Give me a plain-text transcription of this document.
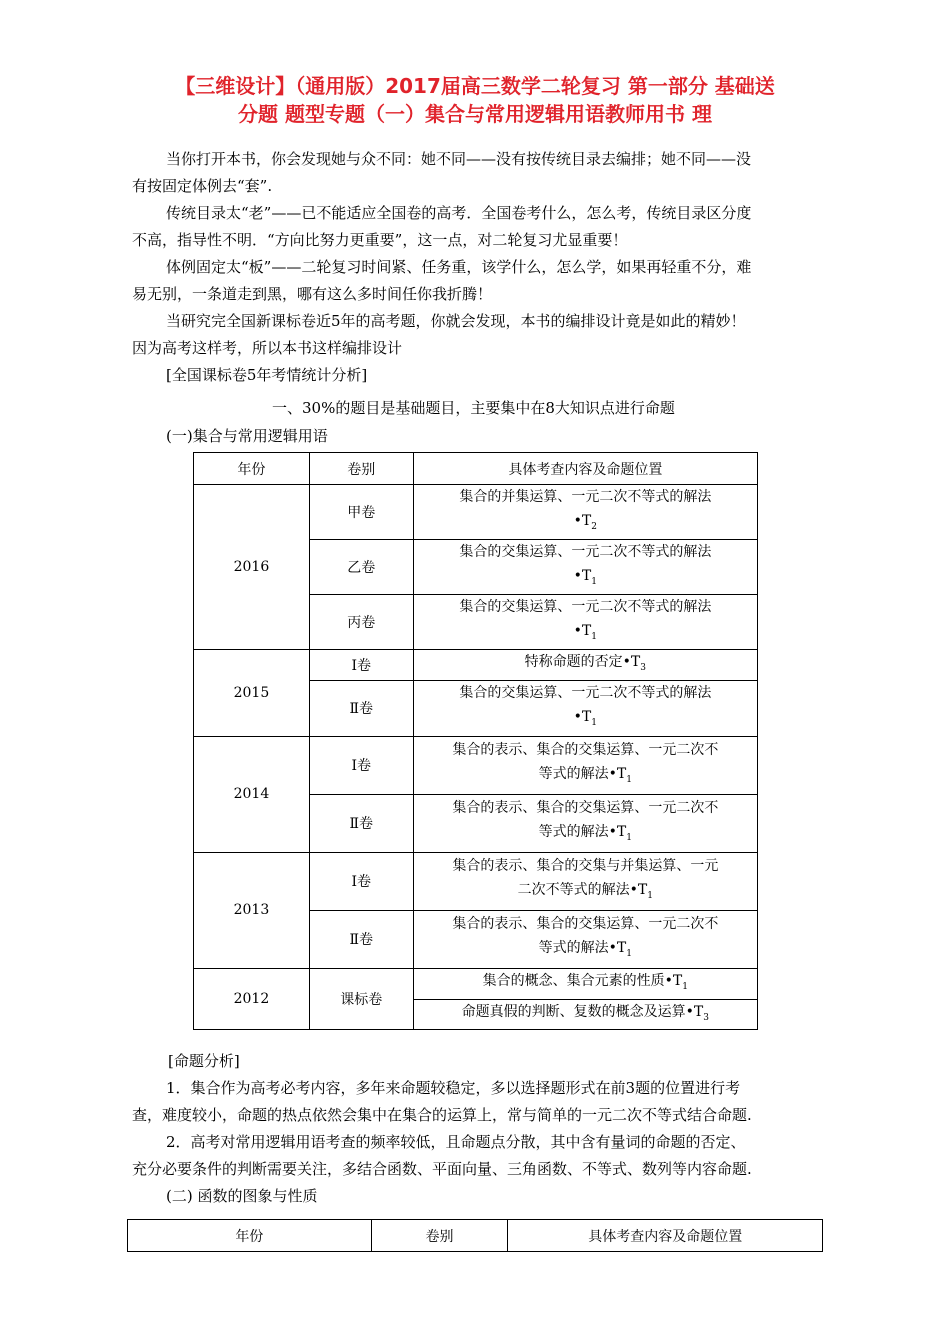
【三维设计】（通用版）2017届高三数学二轮复习 第一部分 基础送
分题 题型专题（一）集合与常用逻辑用语教师用书 理
当你打开本书，你会发现她与众不同：她不同——没有按传统目录去编排；她不同——没
有按固定体例去“套”.
传统目录太“老”——已不能适应全国卷的高考．全国卷考什么，怎么考，传统目录区分度
不高，指导性不明．“方向比努力更重要”，这一点，对二轮复习尤显重要！
体例固定太“板”——二轮复习时间紧、任务重，该学什么，怎么学，如果再轻重不分，难
易无别，一条道走到黑，哪有这么多时间任你我折腾！
当研究完全国新课标卷近5年的高考题，你就会发现，本书的编排设计竟是如此的精妙！
因为高考这样考，所以本书这样编排设计
[全国课标卷5年考情统计分析]
一、30%的题目是基础题目，主要集中在8大知识点进行命题
(一)集合与常用逻辑用语
年份	卷别	具体考查内容及命题位置
2016	甲卷	集合的并集运算、一元二次不等式的解法
$•T_2$

	乙卷	集合的交集运算、一元二次不等式的解法
$•T_1$

	丙卷	集合的交集运算、一元二次不等式的解法
$•T_1$

2015	Ⅰ卷	特称命题的否定$•T_3$
	Ⅱ卷	集合的交集运算、一元二次不等式的解法
$•T_1$

2014	Ⅰ卷	集合的表示、集合的交集运算、一元二次不
等式的解法$•T_1$

	Ⅱ卷	集合的表示、集合的交集运算、一元二次不
等式的解法$•T_1$

2013	Ⅰ卷	集合的表示、集合的交集与并集运算、一元
二次不等式的解法$•T_1$

	Ⅱ卷	集合的表示、集合的交集运算、一元二次不
等式的解法$•T_1$

2012	课标卷	集合的概念、集合元素的性质$•T_1$
		命题真假的判断、复数的概念及运算$•T_3$
[命题分析]
1．集合作为高考必考内容，多年来命题较稳定，多以选择题形式在前3题的位置进行考
查，难度较小，命题的热点依然会集中在集合的运算上，常与简单的一元二次不等式结合命题.
2．高考对常用逻辑用语考查的频率较低，且命题点分散，其中含有量词的命题的否定、
充分必要条件的判断需要关注，多结合函数、平面向量、三角函数、不等式、数列等内容命题.
(二) 函数的图象与性质
年份	卷别	具体考查内容及命题位置
